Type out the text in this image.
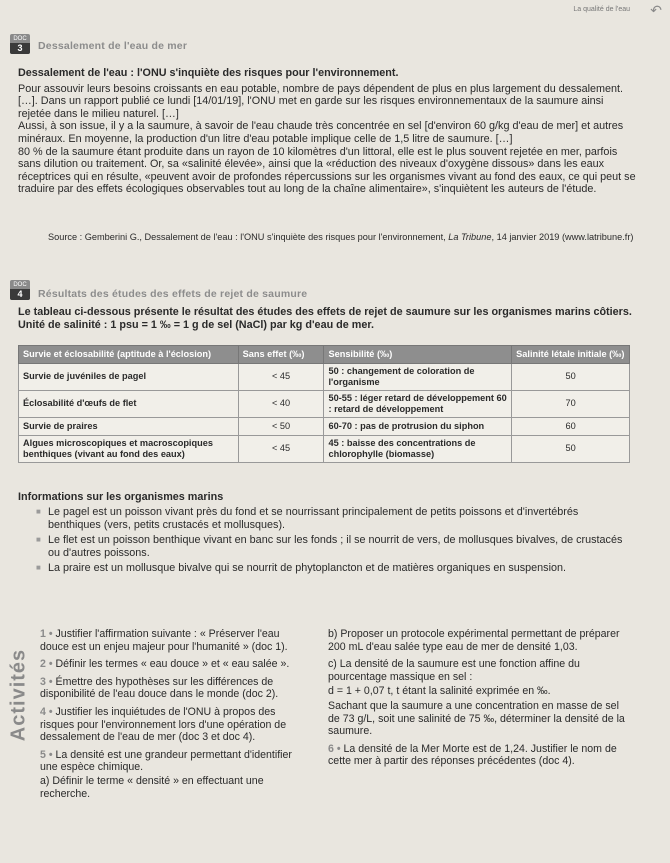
La qualité de l'eau ↶
DOC
3	Dessalement de l'eau de mer

Dessalement de l'eau : l'ONU s'inquiète des risques pour l'environnement.

Pour assouvir leurs besoins croissants en eau potable, nombre de pays dépendent de plus en plus largement du dessalement. […]. Dans un rapport publié ce lundi [14/01/19], l'ONU met en garde sur les risques environnementaux de la saumure ainsi rejetée dans le milieu naturel. […]

Aussi, à son issue, il y a la saumure, à savoir de l'eau chaude très concentrée en sel [d'environ 60 g/kg d'eau de mer] et autres minéraux. En moyenne, la production d'un litre d'eau potable implique celle de 1,5 litre de saumure. […]

80 % de la saumure étant produite dans un rayon de 10 kilomètres d'un littoral, elle est le plus souvent rejetée en mer, parfois sans dilution ou traitement. Or, sa «salinité élevée», ainsi que la «réduction des niveaux d'oxygène dissous» dans les eaux réceptrices qui en résulte, «peuvent avoir de profondes répercussions sur les organismes vivant au fond des eaux, ce qui peut se traduire par des effets écologiques observables tout au long de la chaîne alimentaire», s'inquiètent les auteurs de l'étude.

Source : Gemberini G., Dessalement de l'eau : l'ONU s'inquiète des risques pour l'environnement, La Tribune, 14 janvier 2019 (www.latribune.fr)
DOC
4	Résultats des études des effets de rejet de saumure

Le tableau ci-dessous présente le résultat des études des effets de rejet de saumure sur les organismes marins côtiers.

Unité de salinité : 1 psu = 1 ‰ = 1 g de sel (NaCl) par kg d'eau de mer.

Survie et éclosabilité (aptitude à l'éclosion)	Sans effet (‰)	Sensibilité (‰)	Salinité létale initiale (‰)
Survie de juvéniles de pagel	< 45	50 : changement de coloration de l'organisme	50
Éclosabilité d'œufs de flet	< 40	50-55 : léger retard de développement 60 : retard de développement	70
Survie de praires	< 50	60-70 : pas de protrusion du siphon	60
Algues microscopiques et macroscopiques benthiques (vivant au fond des eaux)	< 45	45 : baisse des concentrations de chlorophylle (biomasse)	50
Informations sur les organismes marins
■ Le pagel est un poisson vivant près du fond et se nourrissant principalement de petits poissons et d'invertébrés benthiques (vers, petits crustacés et mollusques).
■ Le flet est un poisson benthique vivant en banc sur les fonds ; il se nourrit de vers, de mollusques bivalves, de crustacés ou d'autres poissons.
■ La praire est un mollusque bivalve qui se nourrit de phytoplancton et de matières organiques en suspension.
Activités

1 • Justifier l'affirmation suivante : « Préserver l'eau douce est un enjeu majeur pour l'humanité » (doc 1).

2 • Définir les termes « eau douce » et « eau salée ».

3 • Émettre des hypothèses sur les différences de disponibilité de l'eau douce dans le monde (doc 2).

4 • Justifier les inquiétudes de l'ONU à propos des risques pour l'environnement lors d'une opération de dessalement de l'eau de mer (doc 3 et doc 4).

5 • La densité est une grandeur permettant d'identifier une espèce chimique.

a) Définir le terme « densité » en effectuant une recherche.

b) Proposer un protocole expérimental permettant de préparer 200 mL d'eau salée type eau de mer de densité 1,03.

c) La densité de la saumure est une fonction affine du pourcentage massique en sel :

d = 1 + 0,07 t, t étant la salinité exprimée en ‰.

Sachant que la saumure a une concentration en masse de sel de 73 g/L, soit une salinité de 75 ‰, déterminer la densité de la saumure.

6 • La densité de la Mer Morte est de 1,24. Justifier le nom de cette mer à partir des réponses précédentes (doc 4).
